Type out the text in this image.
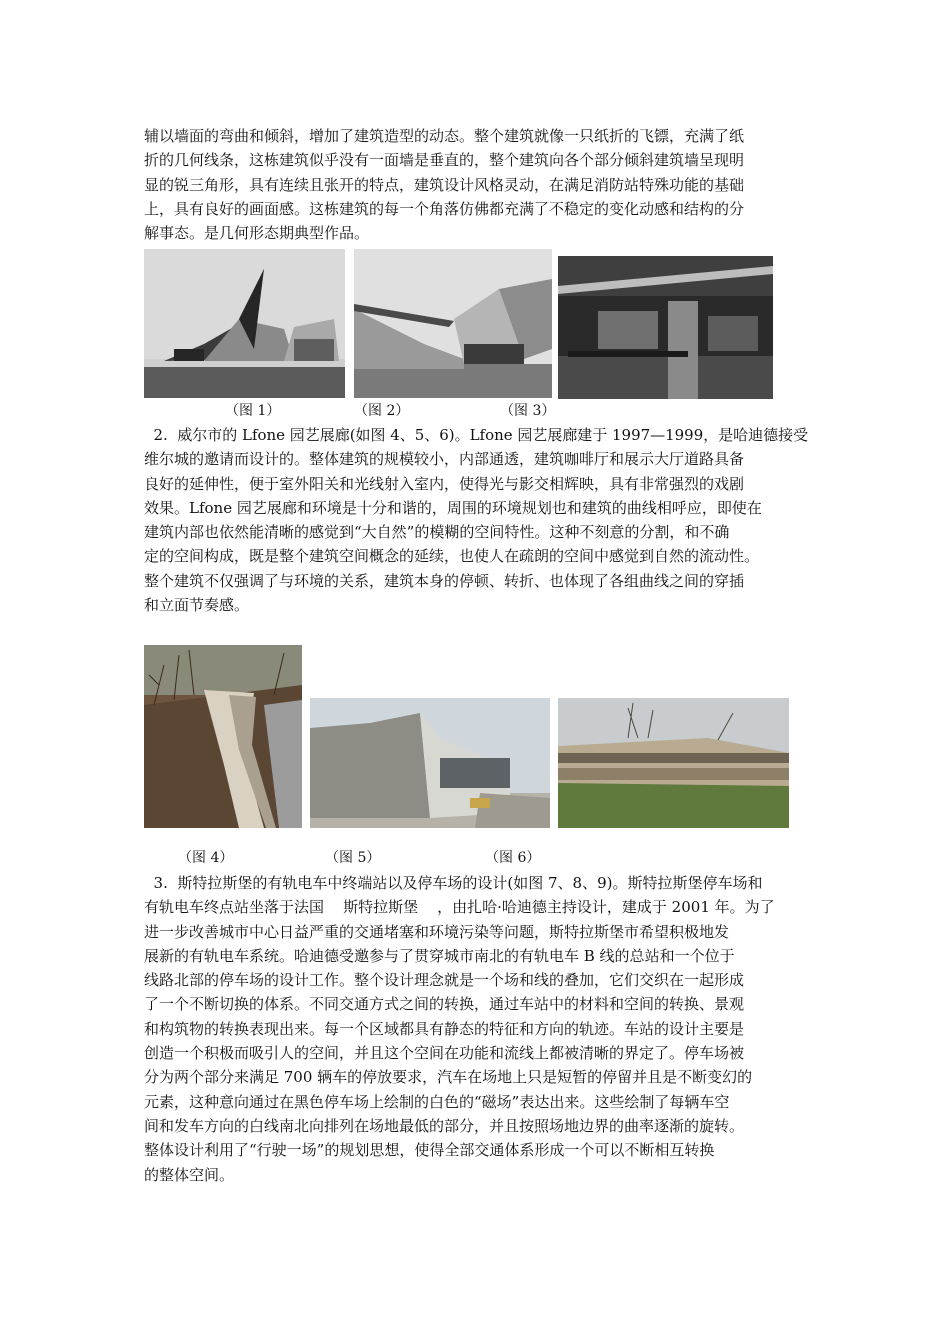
辅以墙面的弯曲和倾斜，增加了建筑造型的动态。整个建筑就像一只纸折的飞镖，充满了纸
折的几何线条，这栋建筑似乎没有一面墙是垂直的，整个建筑向各个部分倾斜建筑墙呈现明
显的锐三角形，具有连续且张开的特点，建筑设计风格灵动，在满足消防站特殊功能的基础
上，具有良好的画面感。这栋建筑的每一个角落仿佛都充满了不稳定的变化动感和结构的分
解事态。是几何形态期典型作品。
（图 1）	（图 2）	（图 3）
2.  威尔市的 Lfone 园艺展廊(如图 4、5、6)。Lfone 园艺展廊建于 1997—1999，是哈迪德接受
维尔城的邀请而设计的。整体建筑的规模较小，内部通透，建筑咖啡厅和展示大厅道路具备
良好的延伸性，便于室外阳关和光线射入室内，使得光与影交相辉映，具有非常强烈的戏剧
效果。Lfone 园艺展廊和环境是十分和谐的，周围的环境规划也和建筑的曲线相呼应，即使在
建筑内部也依然能清晰的感觉到“大自然”的模糊的空间特性。这种不刻意的分割，和不确
定的空间构成，既是整个建筑空间概念的延续，也使人在疏朗的空间中感觉到自然的流动性。
整个建筑不仅强调了与环境的关系，建筑本身的停顿、转折、也体现了各组曲线之间的穿插
和立面节奏感。
（图 4）	（图 5）	（图 6）
3.  斯特拉斯堡的有轨电车中终端站以及停车场的设计(如图 7、8、9)。斯特拉斯堡停车场和
有轨电车终点站坐落于法国    斯特拉斯堡    ，由扎哈·哈迪德主持设计，建成于 2001 年。为了
进一步改善城市中心日益严重的交通堵塞和环境污染等问题，斯特拉斯堡市希望积极地发
展新的有轨电车系统。哈迪德受邀参与了贯穿城市南北的有轨电车 B 线的总站和一个位于
线路北部的停车场的设计工作。整个设计理念就是一个场和线的叠加，它们交织在一起形成
了一个不断切换的体系。不同交通方式之间的转换，通过车站中的材料和空间的转换、景观
和构筑物的转换表现出来。每一个区域都具有静态的特征和方向的轨迹。车站的设计主要是
创造一个积极而吸引人的空间，并且这个空间在功能和流线上都被清晰的界定了。停车场被
分为两个部分来满足 700 辆车的停放要求，汽车在场地上只是短暂的停留并且是不断变幻的
元素，这种意向通过在黑色停车场上绘制的白色的“磁场”表达出来。这些绘制了每辆车空
间和发车方向的白线南北向排列在场地最低的部分，并且按照场地边界的曲率逐渐的旋转。
整体设计利用了“行驶一场”的规划思想，使得全部交通体系形成一个可以不断相互转换
的整体空间。
